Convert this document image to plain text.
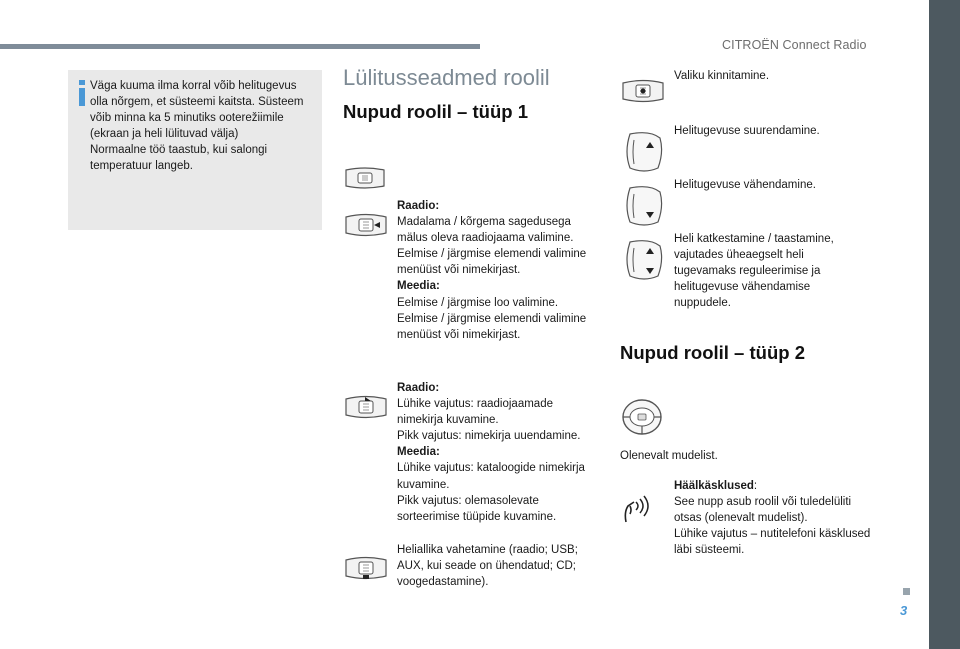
CITROËN Connect Radio
Väga kuuma ilma korral võib helitugevus olla nõrgem, et süsteemi kaitsta. Süsteem võib minna ka 5 minutiks ooterežiimile (ekraan ja heli lülituvad välja)
Normaalne töö taastub, kui salongi temperatuur langeb.
Lülitusseadmed roolil
Nupud roolil – tüüp 1
Raadio:
Madalama / kõrgema sagedusega mälus oleva raadiojaama valimine.
Eelmise / järgmise elemendi valimine menüüst või nimekirjast.
Meedia:
Eelmise / järgmise loo valimine.
Eelmise / järgmise elemendi valimine menüüst või nimekirjast.
Raadio:
Lühike vajutus: raadiojaamade nimekirja kuvamine.
Pikk vajutus: nimekirja uuendamine.
Meedia:
Lühike vajutus: kataloogide nimekirja kuvamine.
Pikk vajutus: olemasolevate sorteerimise tüüpide kuvamine.
Heliallika vahetamine (raadio; USB; AUX, kui seade on ühendatud; CD; voogedastamine).
Valiku kinnitamine.
Helitugevuse suurendamine.
Helitugevuse vähendamine.
Heli katkestamine / taastamine, vajutades üheaegselt heli tugevamaks reguleerimise ja helitugevuse vähendamise nuppudele.
Nupud roolil – tüüp 2
Olenevalt mudelist.
Häälkäsklused:
See nupp asub roolil või tuledelüliti otsas (olenevalt mudelist).
Lühike vajutus – nutitelefoni käsklused läbi süsteemi.
3
